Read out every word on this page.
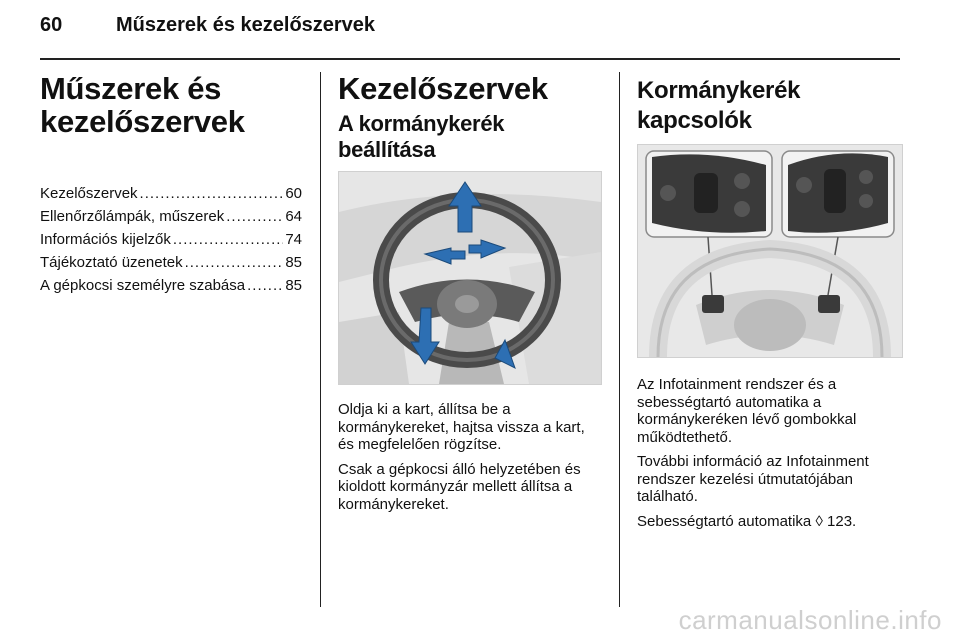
60	Műszerek és kezelőszervek
Műszerek és
kezelőszervek
Kezelőszervek .....	60
Ellenőrzőlámpák, műszerek .....	64
Információs kijelzők .....	74
Tájékoztató üzenetek .....	85
A gépkocsi személyre szabása .....	85
Kezelőszervek
A kormánykerék beállítása

Oldja ki a kart, állítsa be a kormánykereket, hajtsa vissza a kart, és megfelelően rögzítse.

Csak a gépkocsi álló helyzetében és kioldott kormányzár mellett állítsa a kormánykereket.

Kormánykerék kapcsolók

Az Infotainment rendszer és a sebességtartó automatika a kormánykeréken lévő gombokkal működtethető.

További információ az Infotainment rendszer kezelési útmutatójában található.

Sebességtartó automatika ◊ 123.

carmanualsonline.info
